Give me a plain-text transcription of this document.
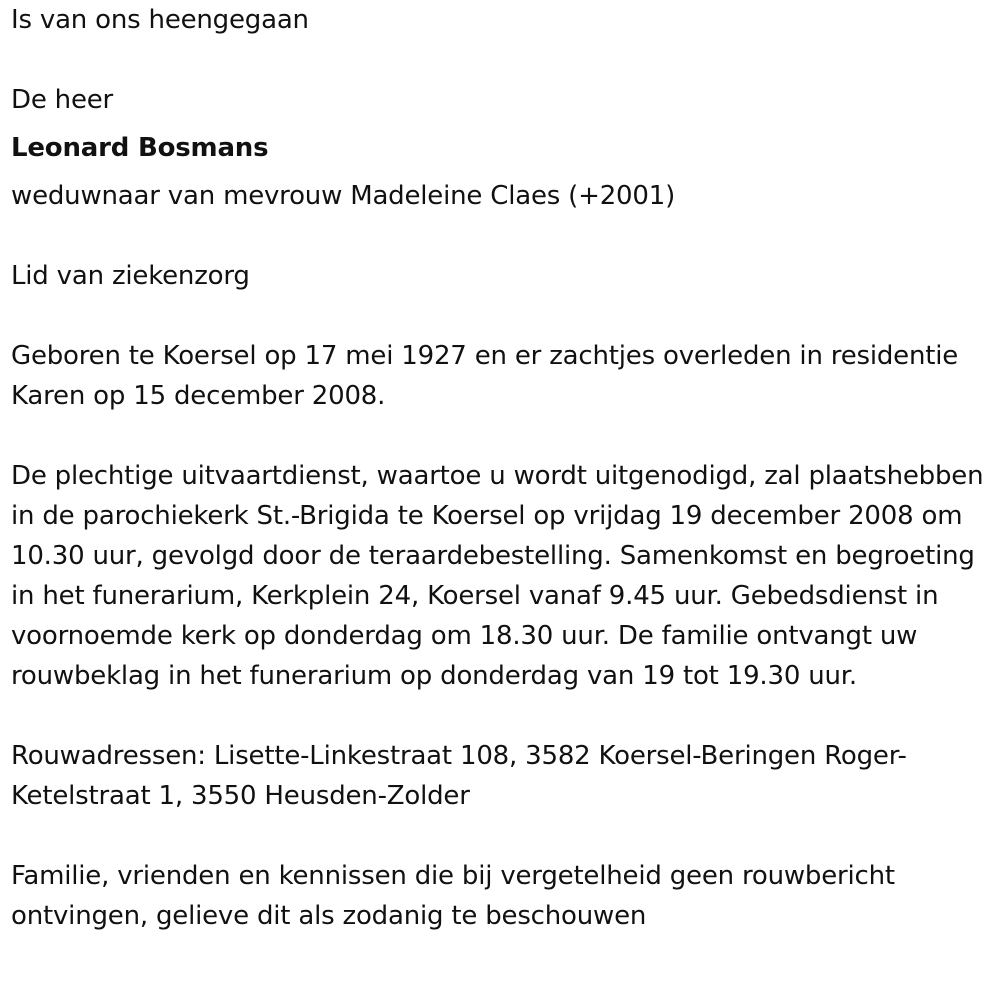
Is van ons heengegaan

De heer

Leonard Bosmans

weduwnaar van mevrouw Madeleine Claes (+2001)

Lid van ziekenzorg

Geboren te Koersel op 17 mei 1927 en er zachtjes overleden in residentie Karen op 15 december 2008.

De plechtige uitvaartdienst, waartoe u wordt uitgenodigd, zal plaatshebben in de parochiekerk St.-Brigida te Koersel op vrijdag 19 december 2008 om 10.30 uur, gevolgd door de teraardebestelling. Samenkomst en begroeting in het funerarium, Kerkplein 24, Koersel vanaf 9.45 uur. Gebedsdienst in voornoemde kerk op donderdag om 18.30 uur. De familie ontvangt uw rouwbeklag in het funerarium op donderdag van 19 tot 19.30 uur.

Rouwadressen: Lisette-Linkestraat 108, 3582 Koersel-Beringen Roger-Ketelstraat 1, 3550 Heusden-Zolder

Familie, vrienden en kennissen die bij vergetelheid geen rouwbericht ontvingen, gelieve dit als zodanig te beschouwen
